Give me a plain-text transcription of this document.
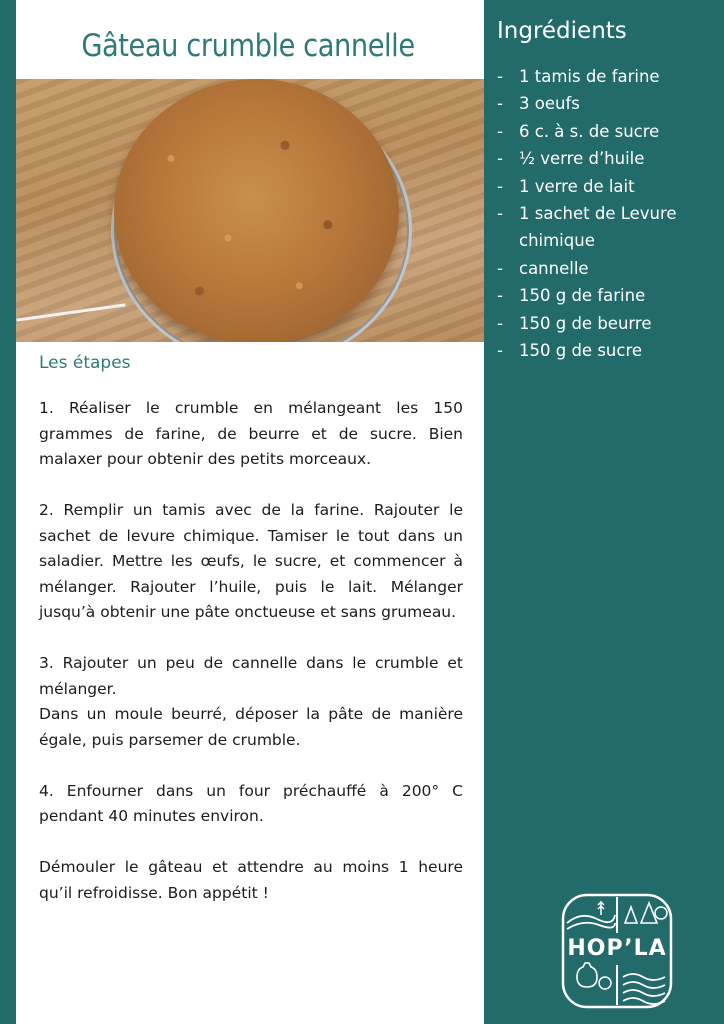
Gâteau crumble cannelle
Les étapes

1. Réaliser le crumble en mélangeant les 150 grammes de farine, de beurre et de sucre. Bien malaxer pour obtenir des petits morceaux.

2. Remplir un tamis avec de la farine. Rajouter le sachet de levure chimique. Tamiser le tout dans un saladier. Mettre les œufs, le sucre, et commencer à mélanger. Rajouter l’huile, puis le lait. Mélanger jusqu’à obtenir une pâte onctueuse et sans grumeau.

3. Rajouter un peu de cannelle dans le crumble et mélanger.
Dans un moule beurré, déposer la pâte de manière égale, puis parsemer de crumble.

4. Enfourner dans un four préchauffé à 200° C pendant 40 minutes environ.

Démouler le gâteau et attendre au moins 1 heure qu’il refroidisse. Bon appétit !

Ingrédients
- 1 tamis de farine
- 3 oeufs
- 6 c. à s. de sucre
- ½ verre d’huile
- 1 verre de lait
- 1 sachet de Levure chimique
- cannelle
- 150 g de farine
- 150 g de beurre
- 150 g de sucre
HOP’LA
